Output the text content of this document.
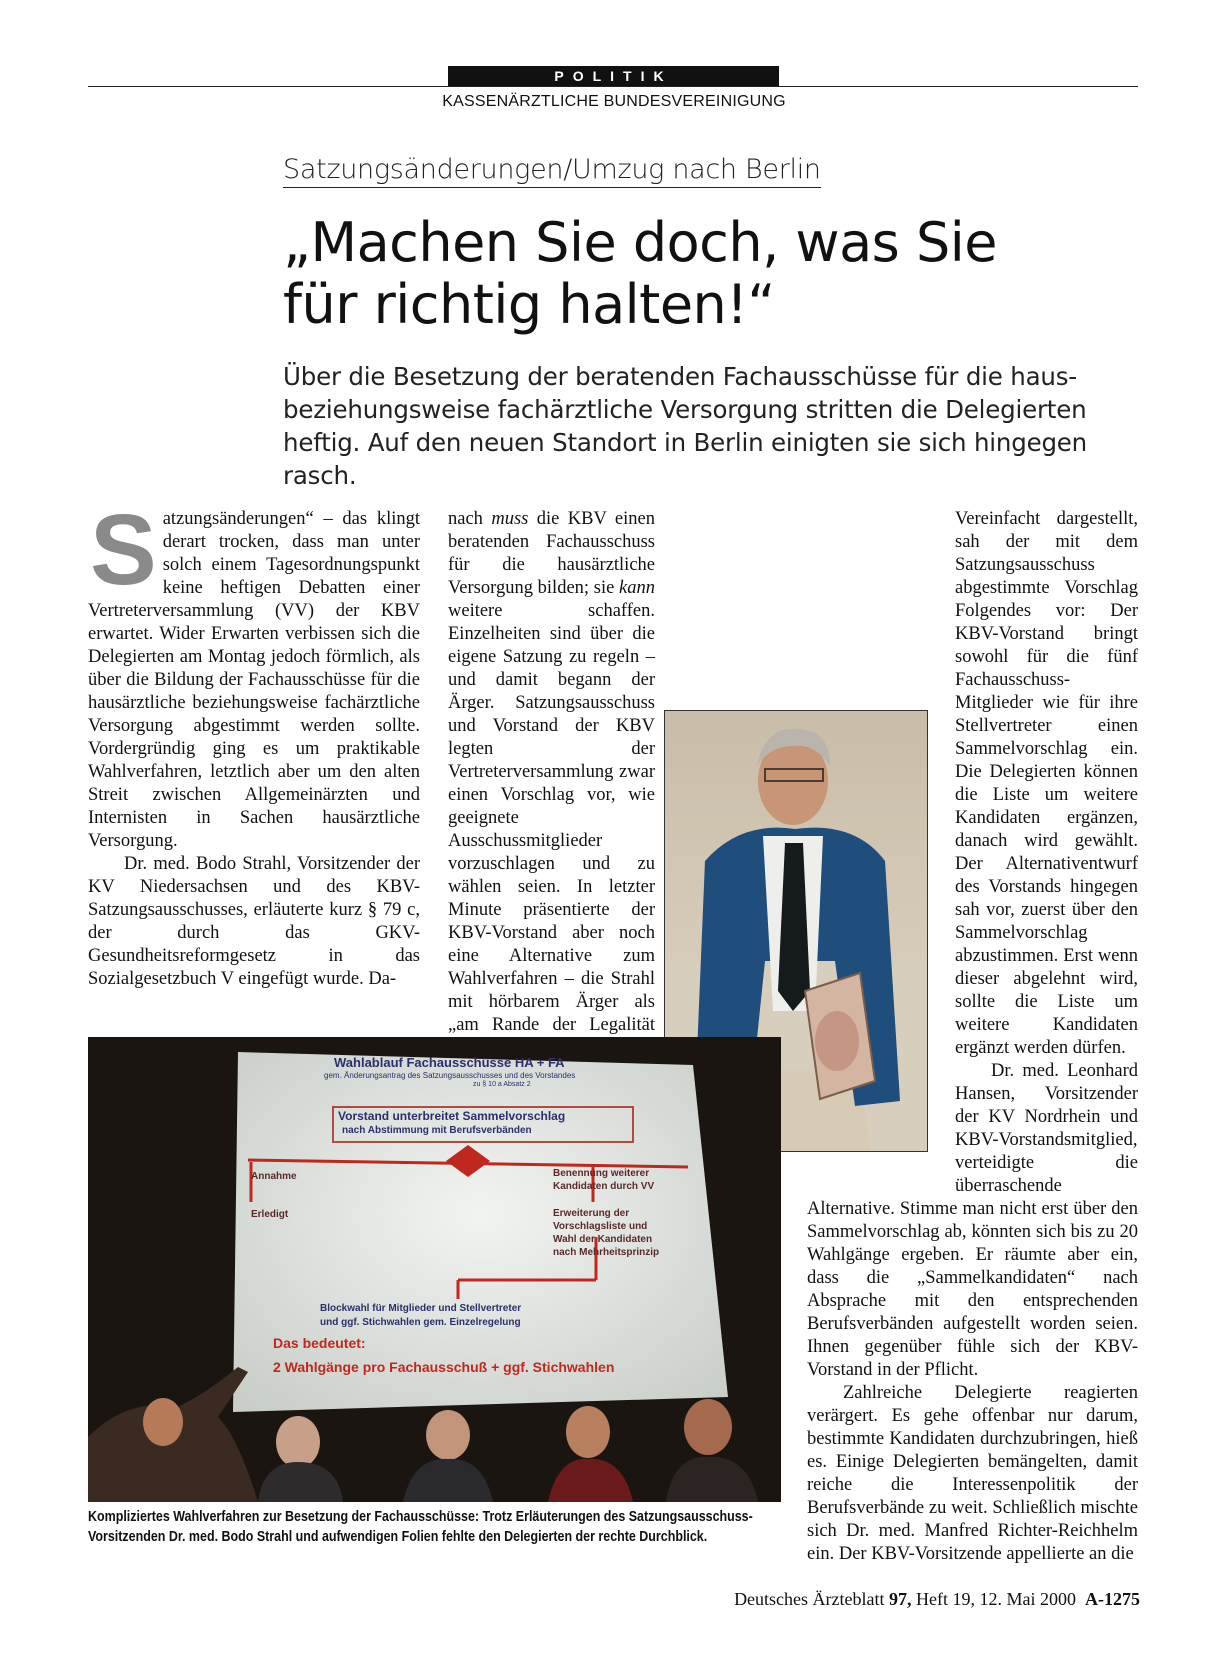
POLITIK
KASSENÄRZTLICHE BUNDESVEREINIGUNG
Satzungsänderungen/Umzug nach Berlin
„Machen Sie doch, was Sie
für richtig halten!“
Über die Besetzung der beratenden Fachausschüsse für die haus- beziehungsweise fachärztliche Versorgung stritten die Delegierten heftig. Auf den neuen Standort in Berlin einigten sie sich hingegen rasch.

Satzungsänderungen“ – das klingt derart trocken, dass man unter solch einem Tagesordnungspunkt keine heftigen Debatten einer Vertreterversammlung (VV) der KBV erwartet. Wider Erwarten verbissen sich die Delegierten am Montag jedoch förmlich, als über die Bildung der Fachausschüsse für die hausärztliche beziehungsweise fachärztliche Versorgung abgestimmt werden sollte. Vordergründig ging es um praktikable Wahlverfahren, letztlich aber um den alten Streit zwischen Allgemeinärzten und Internisten in Sachen hausärztliche Versorgung.

Dr. med. Bodo Strahl, Vorsitzender der KV Niedersachsen und des KBV-Satzungsausschusses, erläuterte kurz § 79 c, der durch das GKV-Gesundheitsreformgesetz in das Sozialgesetzbuch V eingefügt wurde. Da-

nach muss die KBV einen beratenden Fachausschuss für die hausärztliche Versorgung bilden; sie kann weitere schaffen. Einzelheiten sind über die eigene Satzung zu regeln – und damit begann der Ärger. Satzungsausschuss und Vorstand der KBV legten der Vertreterversammlung zwar einen Vorschlag vor, wie geeignete Ausschussmitglieder vorzuschlagen und zu wählen seien. In letzter Minute präsentierte der KBV-Vorstand aber noch eine Alternative zum Wahlverfahren – die Strahl mit hörbarem Ärger als „am Rande der Legalität

Vereinfacht dargestellt, sah der mit dem Satzungsausschuss abgestimmte Vorschlag Folgendes vor: Der KBV-Vorstand bringt sowohl für die fünf Fachausschuss-Mitglieder wie für ihre Stellvertreter einen Sammelvorschlag ein. Die Delegierten können die Liste um weitere Kandidaten ergänzen, danach wird gewählt. Der Alternativentwurf des Vorstands hingegen sah vor, zuerst über den Sammelvorschlag abzustimmen. Erst wenn dieser abgelehnt wird, sollte die Liste um weitere Kandidaten ergänzt werden dürfen.

Dr. med. Leonhard Hansen, Vorsitzender der KV Nordrhein und KBV-Vorstandsmitglied, verteidigte die überraschende Alternative. Stimme man nicht erst über den Sammelvorschlag ab, könnten sich bis zu 20 Wahlgänge ergeben. Er räumte aber ein, dass die „Sammelkandidaten“ nach Absprache mit den entsprechenden Berufsverbänden aufgestellt worden seien. Ihnen gegenüber fühle sich der KBV-Vorstand in der Pflicht.

Zahlreiche Delegierte reagierten verärgert. Es gehe offenbar nur darum, bestimmte Kandidaten durchzubringen, hieß es. Einige Delegierten bemängelten, damit reiche die Interessenpolitik der Berufsverbände zu weit. Schließlich mischte sich Dr. med. Manfred Richter-Reichhelm ein. Der KBV-Vorsitzende appellierte an die

Wahlablauf Fachausschüsse HA + FA
gem. Änderungsantrag des Satzungsausschusses und des Vorstandes
zu § 10 a Absatz 2
Vorstand unterbreitet Sammelvorschlag
nach Abstimmung mit Berufsverbänden
Annahme
Erledigt
Benennung weiterer
Kandidaten durch VV
Erweiterung der
Vorschlagsliste und
Wahl der Kandidaten
nach Mehrheitsprinzip
Blockwahl für Mitglieder und Stellvertreter
und ggf. Stichwahlen gem. Einzelregelung
Das bedeutet:
2 Wahlgänge pro Fachausschuß + ggf. Stichwahlen
Kompliziertes Wahlverfahren zur Besetzung der Fachausschüsse: Trotz Erläuterungen des Satzungsausschuss-Vorsitzenden Dr. med. Bodo Strahl und aufwendigen Folien fehlte den Delegierten der rechte Durchblick.
Deutsches Ärzteblatt 97, Heft 19, 12. Mai 2000 A-1275
